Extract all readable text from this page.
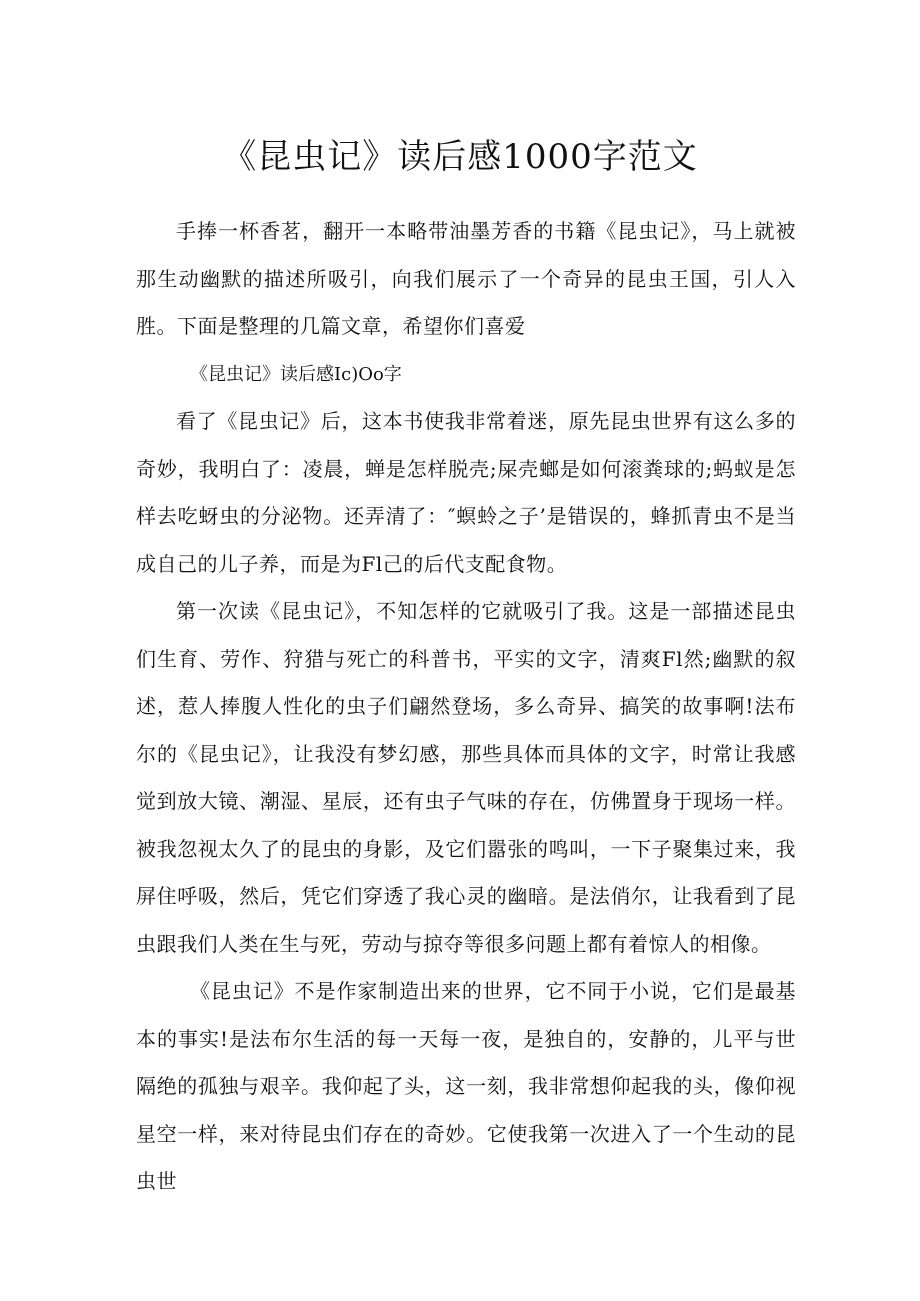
《昆虫记》读后感1000字范文

手捧一杯香茗，翻开一本略带油墨芳香的书籍《昆虫记》，马上就被那生动幽默的描述所吸引，向我们展示了一个奇异的昆虫王国，引人入胜。下面是整理的几篇文章，希望你们喜爱

《昆虫记》读后感Ic)Oo字

看了《昆虫记》后，这本书使我非常着迷，原先昆虫世界有这么多的奇妙，我明白了：凌晨，蝉是怎样脱壳;屎壳螂是如何滚粪球的;蚂蚁是怎样去吃蚜虫的分泌物。还弄清了：″螟蛉之子’是错误的，蜂抓青虫不是当成自己的儿子养，而是为Fl己的后代支配食物。

第一次读《昆虫记》，不知怎样的它就吸引了我。这是一部描述昆虫们生育、劳作、狩猎与死亡的科普书，平实的文字，清爽Fl然;幽默的叙述，惹人捧腹人性化的虫子们翩然登场，多么奇异、搞笑的故事啊!法布尔的《昆虫记》，让我没有梦幻感，那些具体而具体的文字，时常让我感觉到放大镜、潮湿、星辰，还有虫子气味的存在，仿佛置身于现场一样。被我忽视太久了的昆虫的身影，及它们嚣张的鸣叫，一下子聚集过来，我屏住呼吸，然后，凭它们穿透了我心灵的幽暗。是法俏尔，让我看到了昆虫跟我们人类在生与死，劳动与掠夺等很多问题上都有着惊人的相像。

《昆虫记》不是作家制造出来的世界，它不同于小说，它们是最基本的事实!是法布尔生活的每一天每一夜，是独自的，安静的，儿平与世隔绝的孤独与艰辛。我仰起了头，这一刻，我非常想仰起我的头，像仰视星空一样，来对待昆虫们存在的奇妙。它使我第一次进入了一个生动的昆虫世
